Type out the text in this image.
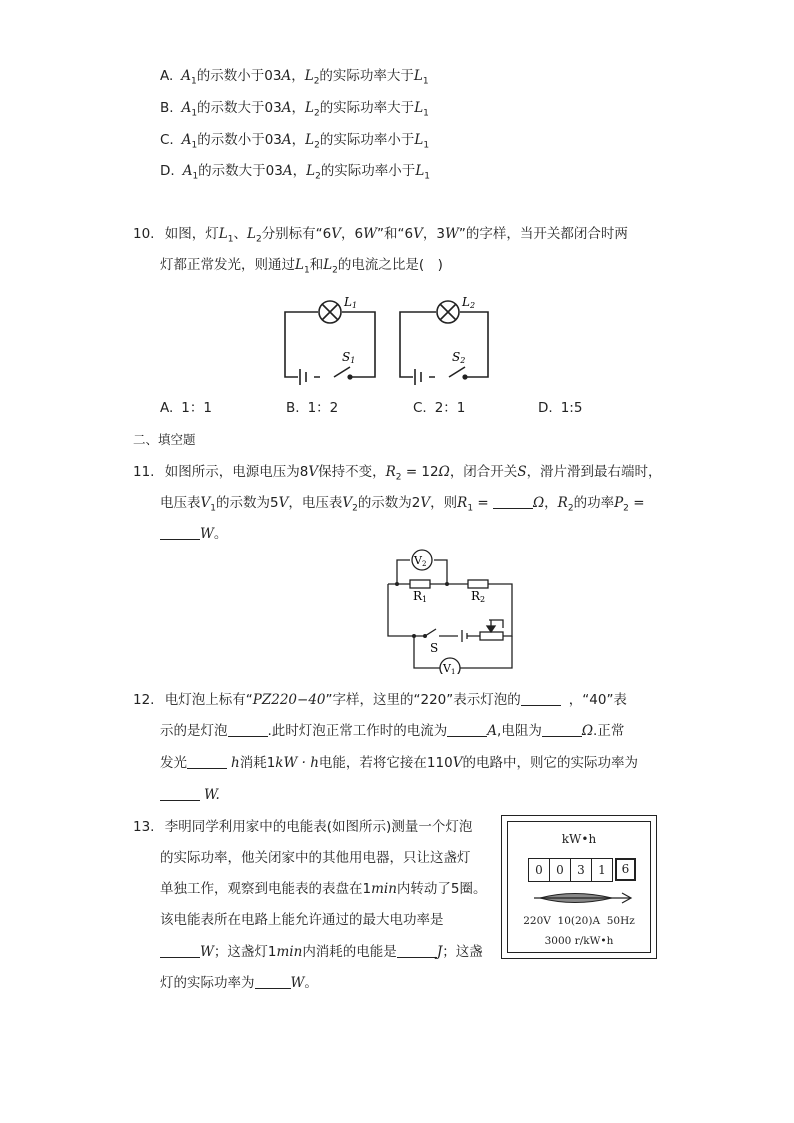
A. $A_1$的示数小于03A，$L_2$的实际功率大于$L_1$
B. $A_1$的示数大于03A，$L_2$的实际功率大于$L_1$
C. $A_1$的示数小于03A，$L_2$的实际功率小于$L_1$
D. $A_1$的示数大于03A，$L_2$的实际功率小于$L_1$
10. 如图，灯$L_1$、$L_2$分别标有“6V，6W”和“6V，3W”的字样，当开关都闭合时两
灯都正常发光，则通过$L_1$和$L_2$的电流之比是(　)
L1
S1
L2
S2
A. 1：1	B. 1：2	C. 2：1	D. 1:5
二、填空题
11. 如图所示，电源电压为8V保持不变，$R_2 = 12\Omega$，闭合开关S，滑片滑到最右端时，
电压表$V_1$的示数为5V，电压表$V_2$的示数为2V，则$R_1$ =	Ω，$R_2$的功率$P_2$ =
W。
V2
R1	R2
S
V1
12. 电灯泡上标有“PZ220−40”字样，这里的“220”表示灯泡的	，“40”表
示的是灯泡	.此时灯泡正常工作时的电流为	A,电阻为	Ω.正常
发光	h消耗1kW · h电能，若将它接在110V的电路中，则它的实际功率为
W.
13. 李明同学利用家中的电能表(如图所示)测量一个灯泡
的实际功率，他关闭家中的其他用电器，只让这盏灯
单独工作，观察到电能表的表盘在1min内转动了5圈。
该电能表所在电路上能允许通过的最大电功率是
W；这盏灯1min内消耗的电能是	J；这盏
灯的实际功率为	W。
kW•h
0	0	3	1	6
220V  10(20)A  50Hz
3000 r/kW•h
